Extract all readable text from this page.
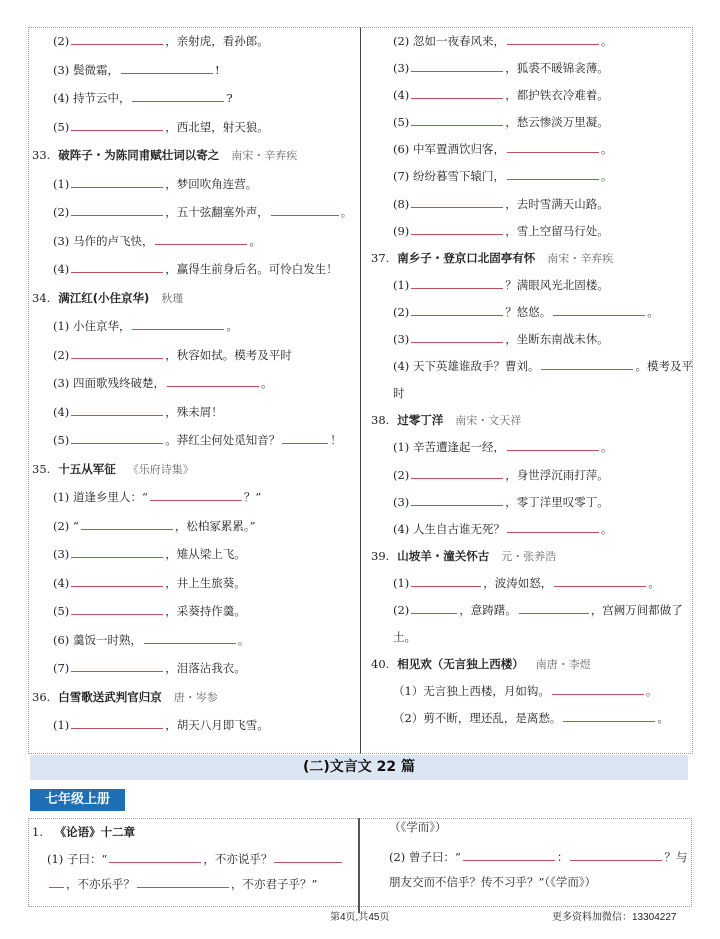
(2)	，亲射虎，看孙郎。
(3) 鬓微霜，	!
(4) 持节云中，	?
(5)	，西北望，射天狼。
33. 破阵子・为陈同甫赋壮词以寄之 南宋・辛弃疾
(1)	，梦回吹角连营。
(2)	，五十弦翻塞外声，	。
(3) 马作的卢飞快，	。
(4)	，赢得生前身后名。可怜白发生！
34. 满江红(小住京华) 秋瑾
(1) 小住京华，	。
(2)	，秋容如拭。模考及平时
(3) 四面歌残终破楚，	。
(4)	，殊未屑！
(5)	。莽红尘何处觅知音？	！
35. 十五从军征 《乐府诗集》
(1) 道逢乡里人：“	？”
(2) “	，松柏冢累累。”
(3)	，雉从梁上飞。
(4)	，井上生旅葵。
(5)	，采葵持作羹。
(6) 羹饭一时熟，	。
(7)	，泪落沾我衣。
36. 白雪歌送武判官归京 唐・岑参
(1)	，胡天八月即飞雪。
(2) 忽如一夜春风来，	。
(3)	，狐裘不暖锦衾薄。
(4)	，都护铁衣冷难着。
(5)	，愁云惨淡万里凝。
(6) 中军置酒饮归客，	。
(7) 纷纷暮雪下辕门，	。
(8)	，去时雪满天山路。
(9)	，雪上空留马行处。
37. 南乡子・登京口北固亭有怀 南宋・辛弃疾
(1)	？满眼风光北固楼。
(2)	？悠悠。	。
(3)	，坐断东南战未休。
(4) 天下英雄谁敌手？曹刘。	。模考及平
时
38. 过零丁洋 南宋・文天祥
(1) 辛苦遭逢起一经，	。
(2)	，身世浮沉雨打萍。
(3)	，零丁洋里叹零丁。
(4) 人生自古谁无死？	。
39. 山坡羊・潼关怀古 元・张养浩
(1)	，波涛如怒，	。
(2)	，意踌躇。	，宫阙万间都做了
土。
40. 相见欢（无言独上西楼） 南唐・李煜
（1）无言独上西楼，月如钩。	。
（2）剪不断，理还乱，是离愁。	。
(二)文言文 22 篇
七年级上册
1. 《论语》十二章
(1) 子曰：“	，不亦说乎？
，不亦乐乎？	，不亦君子乎？”
（《学而》）
(2) 曾子曰：“	：	？与
朋友交而不信乎？传不习乎？”（《学而》）
第4页,共45页	更多资料加微信：13304227
